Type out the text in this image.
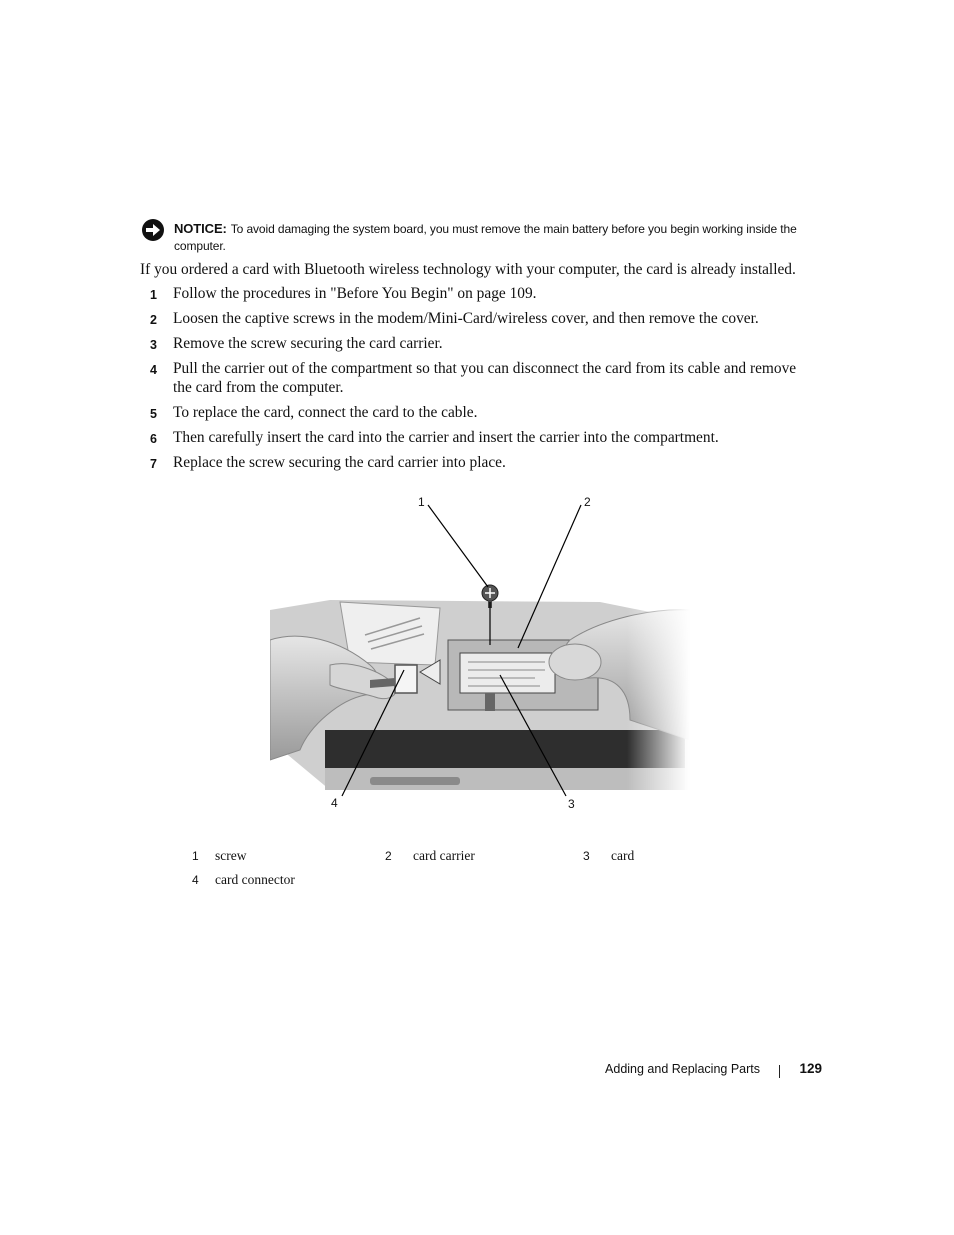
NOTICE: To avoid damaging the system board, you must remove the main battery before you begin working inside the computer.

If you ordered a card with Bluetooth wireless technology with your computer, the card is already installed.

1 Follow the procedures in "Before You Begin" on page 109.
2 Loosen the captive screws in the modem/Mini-Card/wireless cover, and then remove the cover.
3 Remove the screw securing the card carrier.
4 Pull the carrier out of the compartment so that you can disconnect the card from its cable and remove the card from the computer.
5 To replace the card, connect the card to the cable.
6 Then carefully insert the card into the carrier and insert the carrier into the compartment.
7 Replace the screw securing the card carrier into place.
1	2
3
4
1 screw	2 card carrier	3 card
4 card connector
Adding and Replacing Parts	129
